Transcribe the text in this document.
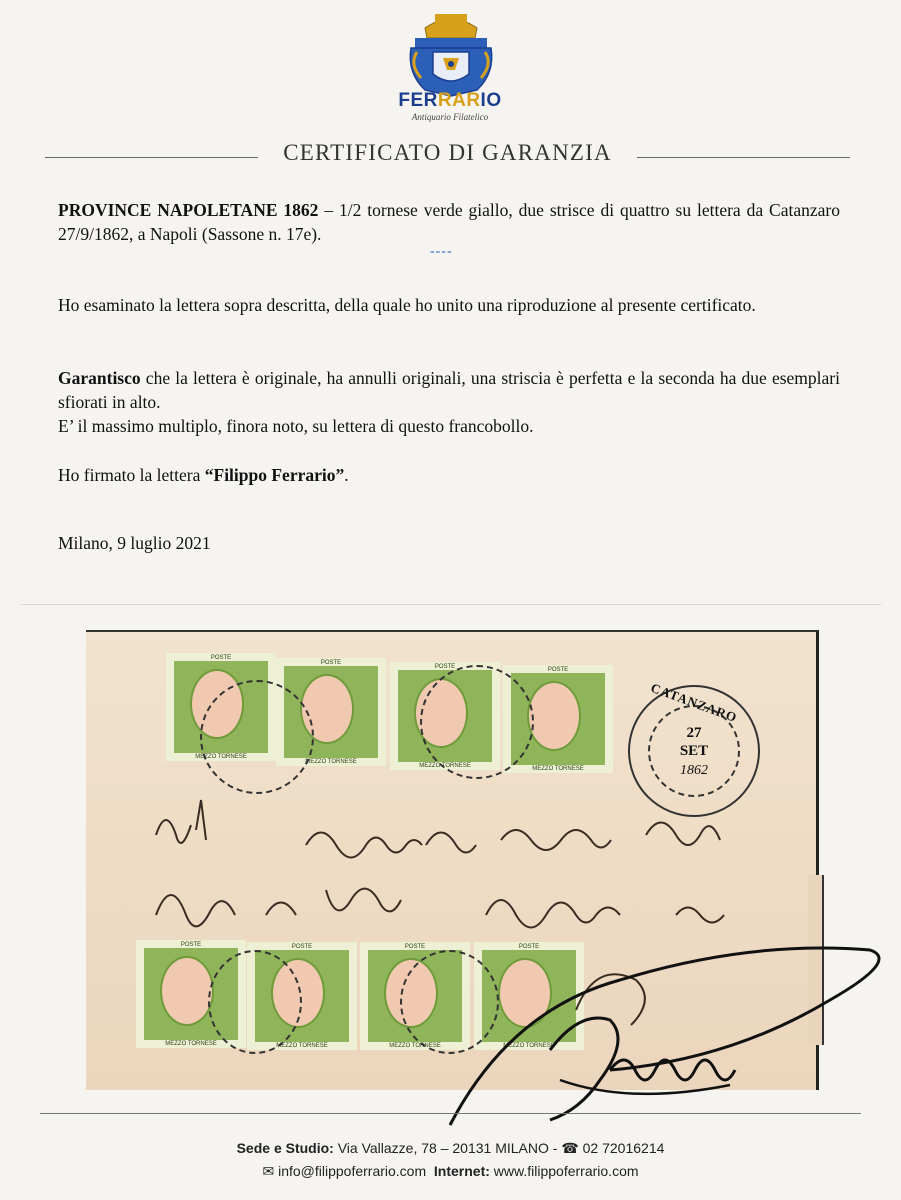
FERRARIO
Antiquario Filatelico
CERTIFICATO DI GARANZIA
PROVINCE NAPOLETANE 1862 – 1/2 tornese verde giallo, due strisce di quattro su lettera da Catanzaro 27/9/1862, a Napoli (Sassone n. 17e).
----
Ho esaminato la lettera sopra descritta, della quale ho unito una riproduzione al presente certificato.
Garantisco che la lettera è originale, ha annulli originali, una striscia è perfetta e la seconda ha due esemplari sfiorati in alto.
E’ il massimo multiplo, finora noto, su lettera di questo francobollo.
Ho firmato la lettera “Filippo Ferrario”.
Milano, 9 luglio 2021
POSTE
MEZZO TORNESE
POSTE
MEZZO TORNESE
POSTE
MEZZO TORNESE
POSTE
MEZZO TORNESE
POSTE
MEZZO TORNESE
POSTE
MEZZO TORNESE
POSTE
MEZZO TORNESE
POSTE
MEZZO TORNESE
CATANZARO
27
SET
1862
Sede e Studio: Via Vallazze, 78 – 20131 MILANO - ☎ 02 72016214
✉ info@filippoferrario.com Internet: www.filippoferrario.com
